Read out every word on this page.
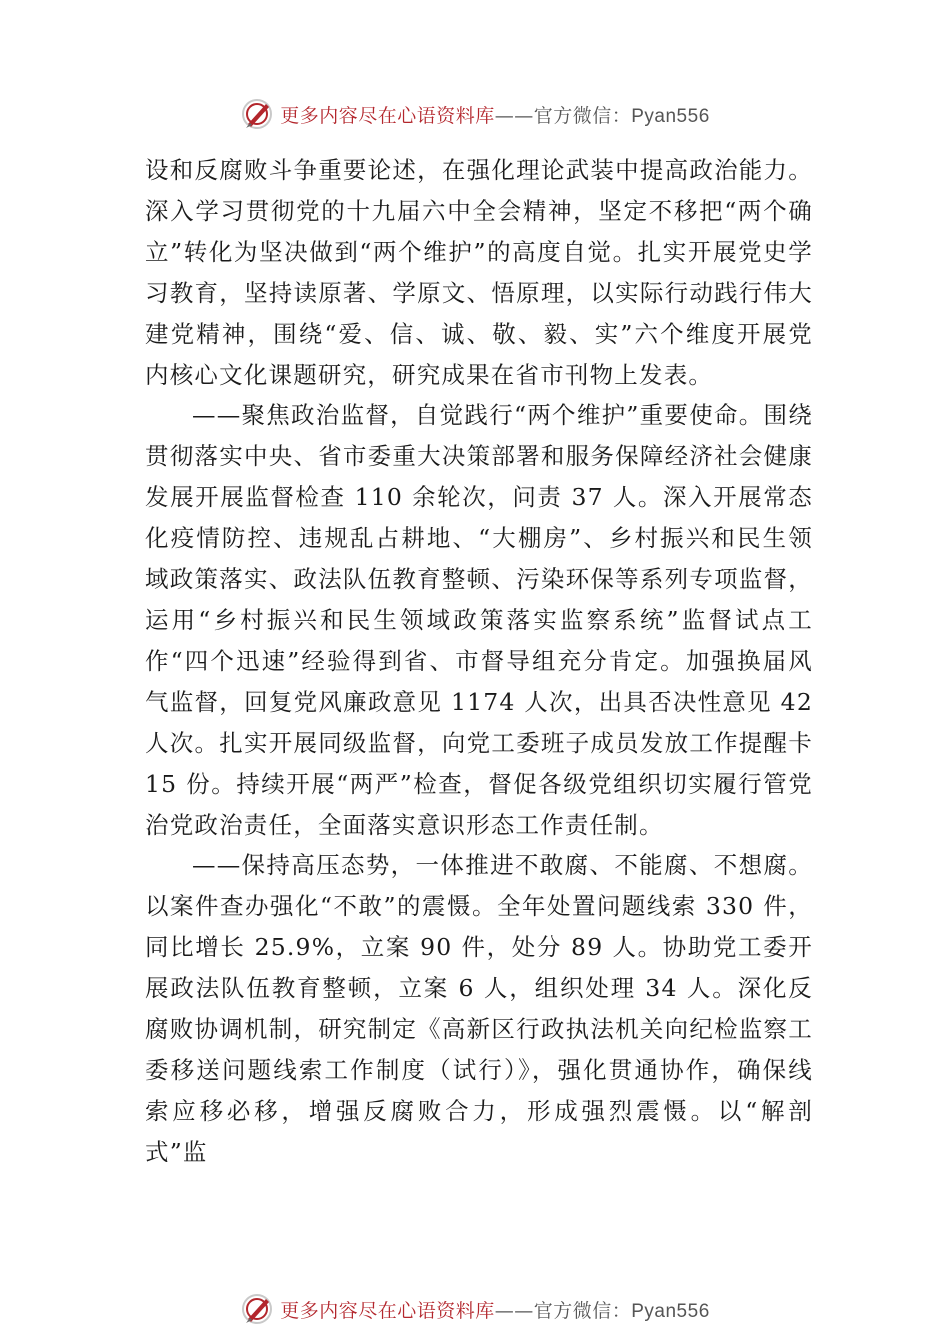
更多内容尽在心语资料库——官方微信：Pyan556

设和反腐败斗争重要论述，在强化理论武装中提高政治能力。深入学习贯彻党的十九届六中全会精神，坚定不移把“两个确立”转化为坚决做到“两个维护”的高度自觉。扎实开展党史学习教育，坚持读原著、学原文、悟原理，以实际行动践行伟大建党精神，围绕“爱、信、诚、敬、毅、实”六个维度开展党内核心文化课题研究，研究成果在省市刊物上发表。

——聚焦政治监督，自觉践行“两个维护”重要使命。围绕贯彻落实中央、省市委重大决策部署和服务保障经济社会健康发展开展监督检查 110 余轮次，问责 37 人。深入开展常态化疫情防控、违规乱占耕地、“大棚房”、乡村振兴和民生领域政策落实、政法队伍教育整顿、污染环保等系列专项监督，运用“乡村振兴和民生领域政策落实监察系统”监督试点工作“四个迅速”经验得到省、市督导组充分肯定。加强换届风气监督，回复党风廉政意见 1174 人次，出具否决性意见 42 人次。扎实开展同级监督，向党工委班子成员发放工作提醒卡 15 份。持续开展“两严”检查，督促各级党组织切实履行管党治党政治责任，全面落实意识形态工作责任制。

——保持高压态势，一体推进不敢腐、不能腐、不想腐。以案件查办强化“不敢”的震慑。全年处置问题线索 330 件，同比增长 25.9%，立案 90 件，处分 89 人。协助党工委开展政法队伍教育整顿，立案 6 人，组织处理 34 人。深化反腐败协调机制，研究制定《高新区行政执法机关向纪检监察工委移送问题线索工作制度（试行）》，强化贯通协作，确保线索应移必移，增强反腐败合力，形成强烈震慑。以“解剖式”监

更多内容尽在心语资料库——官方微信：Pyan556
